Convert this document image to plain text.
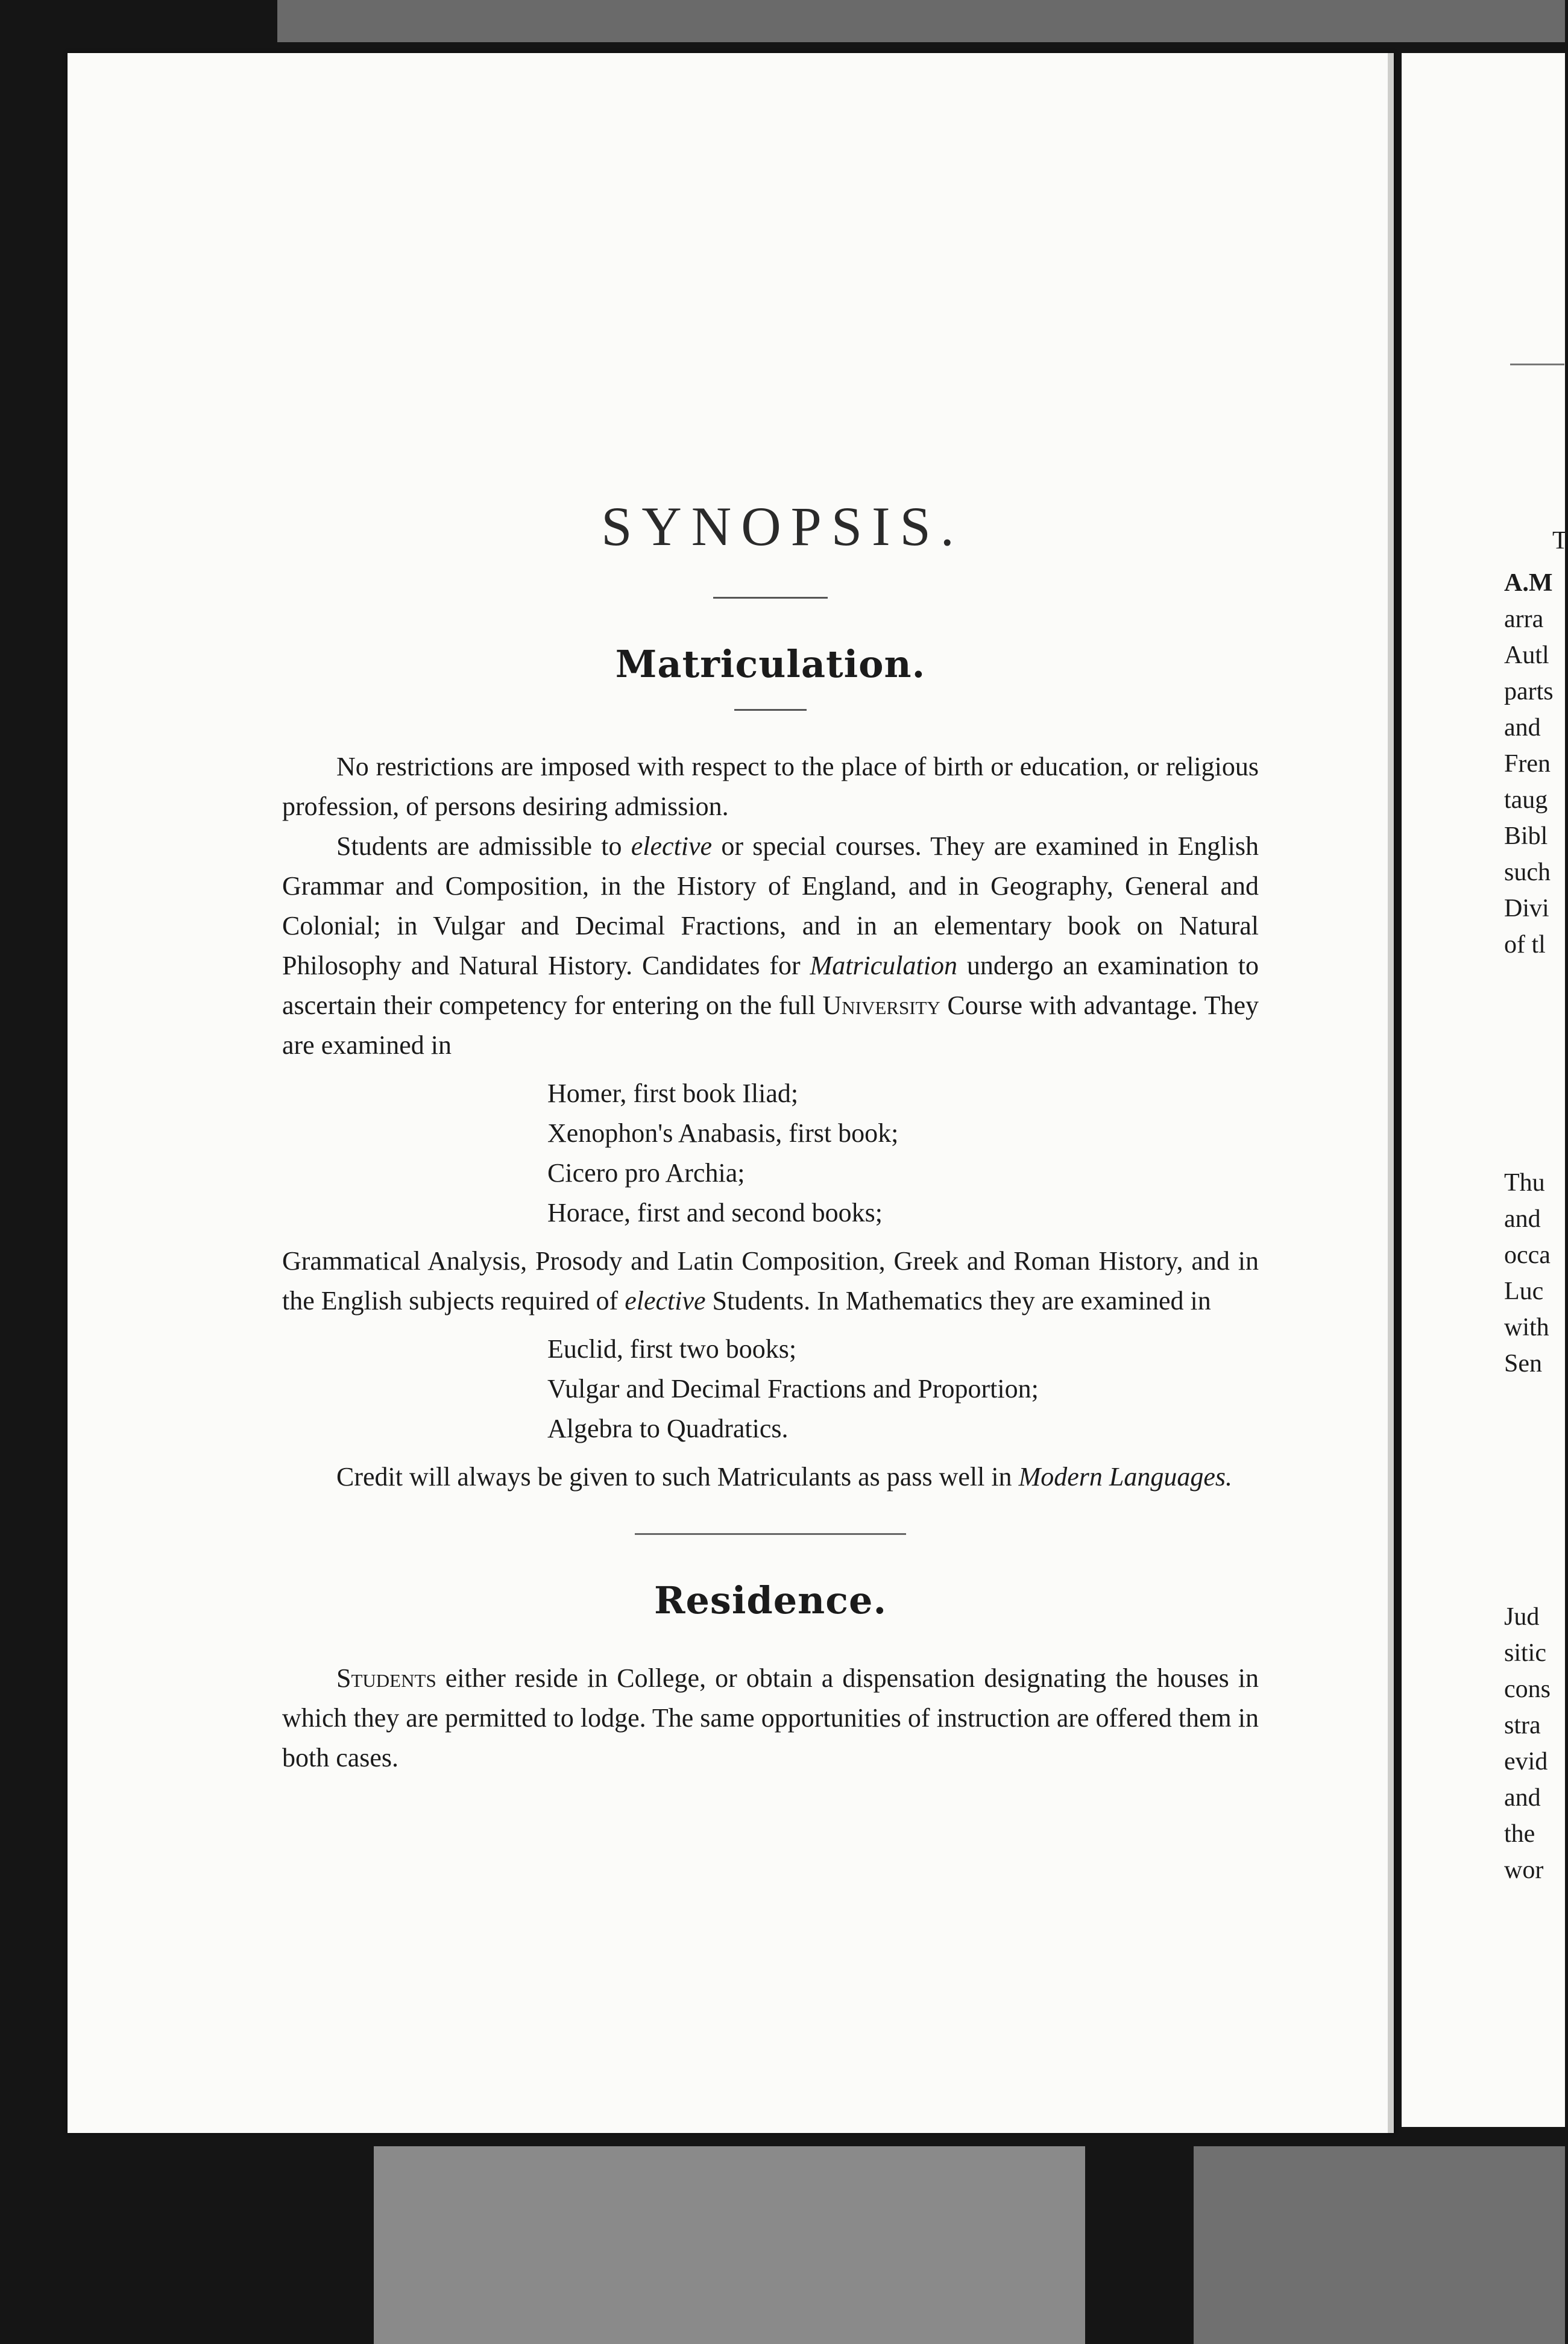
T
A.M
arra
Autl
parts
and
Fren
taug
Bibl
such
Divi
of tl
Thu
and
occa
Luc
with
Sen
Jud
sitic
cons
stra
evid
and
the
wor
SYNOPSIS.
Matriculation.

No restrictions are imposed with respect to the place of birth or education, or religious profession, of persons desiring admission.

Students are admissible to elective or special courses. They are examined in English Grammar and Composition, in the History of England, and in Geography, General and Colonial; in Vulgar and Decimal Fractions, and in an elementary book on Natural Philosophy and Natural History. Candidates for Matriculation undergo an examination to ascertain their competency for entering on the full University Course with advantage. They are examined in

Homer, first book Iliad;
Xenophon's Anabasis, first book;
Cicero pro Archia;
Horace, first and second books;

Grammatical Analysis, Prosody and Latin Composition, Greek and Roman History, and in the English subjects required of elective Students. In Mathematics they are examined in

Euclid, first two books;
Vulgar and Decimal Fractions and Proportion;
Algebra to Quadratics.

Credit will always be given to such Matriculants as pass well in Modern Languages.

Residence.

Students either reside in College, or obtain a dispensation designating the houses in which they are permitted to lodge. The same opportunities of instruction are offered them in both cases.
